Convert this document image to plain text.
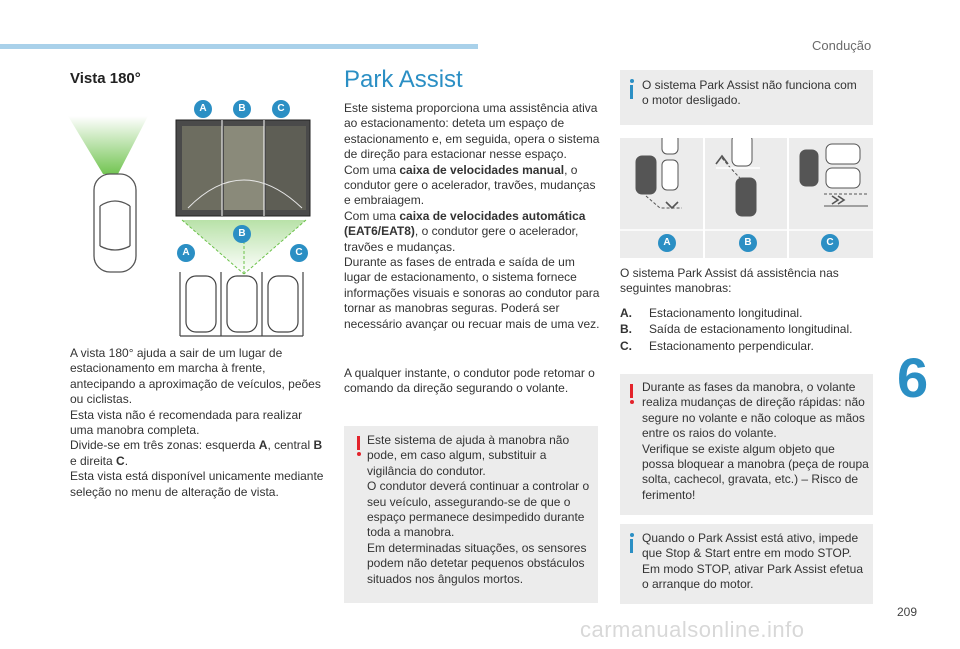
Condução
Vista 180°
A	B	C
B
A	C

A vista 180° ajuda a sair de um lugar de estacionamento em marcha à frente, antecipando a aproximação de veículos, peões ou ciclistas.

Esta vista não é recomendada para realizar uma manobra completa.

Divide-se em três zonas: esquerda A, central B e direita C.

Esta vista está disponível unicamente mediante seleção no menu de alteração de vista.

Park Assist

Este sistema proporciona uma assistência ativa ao estacionamento: deteta um espaço de estacionamento e, em seguida, opera o sistema de direção para estacionar nesse espaço.

Com uma caixa de velocidades manual, o condutor gere o acelerador, travões, mudanças e embraiagem.

Com uma caixa de velocidades automática (EAT6/EAT8), o condutor gere o acelerador, travões e mudanças.

Durante as fases de entrada e saída de um lugar de estacionamento, o sistema fornece informações visuais e sonoras ao condutor para tornar as manobras seguras. Poderá ser necessário avançar ou recuar mais de uma vez.

A qualquer instante, o condutor pode retomar o comando da direção segurando o volante.

Este sistema de ajuda à manobra não pode, em caso algum, substituir a vigilância do condutor.

O condutor deverá continuar a controlar o seu veículo, assegurando-se de que o espaço permanece desimpedido durante toda a manobra.

Em determinadas situações, os sensores podem não detetar pequenos obstáculos situados nos ângulos mortos.

O sistema Park Assist não funciona com o motor desligado.
A	B	C
O sistema Park Assist dá assistência nas seguintes manobras:
A. Estacionamento longitudinal.
B. Saída de estacionamento longitudinal.
C. Estacionamento perpendicular.

Durante as fases da manobra, o volante realiza mudanças de direção rápidas: não segure no volante e não coloque as mãos entre os raios do volante.

Verifique se existe algum objeto que possa bloquear a manobra (peça de roupa solta, cachecol, gravata, etc.) – Risco de ferimento!

Quando o Park Assist está ativo, impede que Stop & Start entre em modo STOP. Em modo STOP, ativar Park Assist efetua o arranque do motor.
6
209
carmanualsonline.info
